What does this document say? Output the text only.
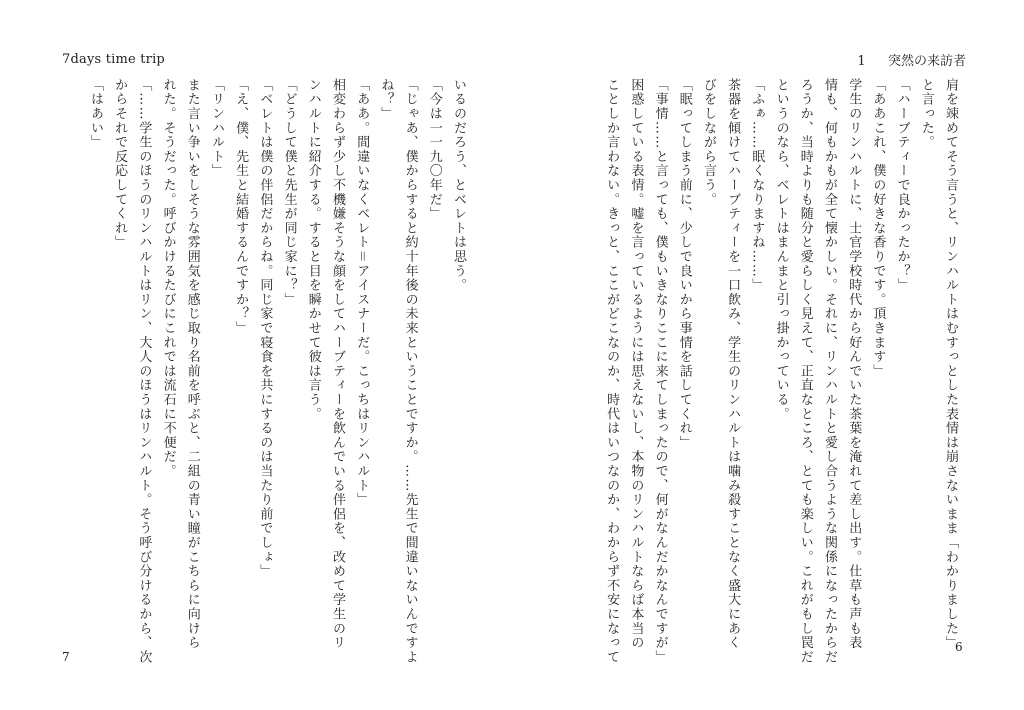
7days time trip	1 突然の来訪者
肩を竦めてそう言うと、リンハルトはむすっとした表情は崩さないまま「わかりました」
と言った。
「ハーブティーで良かったか？」
「ああこれ、僕の好きな香りです。頂きます」
学生のリンハルトに、士官学校時代から好んでいた茶葉を淹れて差し出す。仕草も声も表
情も、何もかもが全て懐かしい。それに、リンハルトと愛し合うような関係になったからだ
ろうか、当時よりも随分と愛らしく見えて、正直なところ、とても楽しい。これがもし罠だ
というのなら、ベレトはまんまと引っ掛かっている。
「ふぁ……眠くなりますね……」
茶器を傾けてハーブティーを一口飲み、学生のリンハルトは噛み殺すことなく盛大にあく
びをしながら言う。
「眠ってしまう前に、少しで良いから事情を話してくれ」
「事情……と言っても、僕もいきなりここに来てしまったので、何がなんだかなんですが」
困惑している表情。嘘を言っているようには思えないし、本物のリンハルトならば本当の
ことしか言わない。きっと、ここがどこなのか、時代はいつなのか、わからず不安になって
いるのだろう、とベレトは思う。
「今は一一九〇年だ」
「じゃあ、僕からすると約十年後の未来ということですか。……先生で間違いないんですよ
ね？」
「ああ。間違いなくベレト＝アイスナーだ。こっちはリンハルト」
相変わらず少し不機嫌そうな顔をしてハーブティーを飲んでいる伴侶を、改めて学生のリ
ンハルトに紹介する。すると目を瞬かせて彼は言う。
「どうして僕と先生が同じ家に？」
「ベレトは僕の伴侶だからね。同じ家で寝食を共にするのは当たり前でしょ」
「え、僕、先生と結婚するんですか？」
「リンハルト」
また言い争いをしそうな雰囲気を感じ取り名前を呼ぶと、二組の青い瞳がこちらに向けら
れた。そうだった。呼びかけるたびにこれでは流石に不便だ。
「……学生のほうのリンハルトはリン、大人のほうはリンハルト。そう呼び分けるから、次
からそれで反応してくれ」
「はあい」
7
6
